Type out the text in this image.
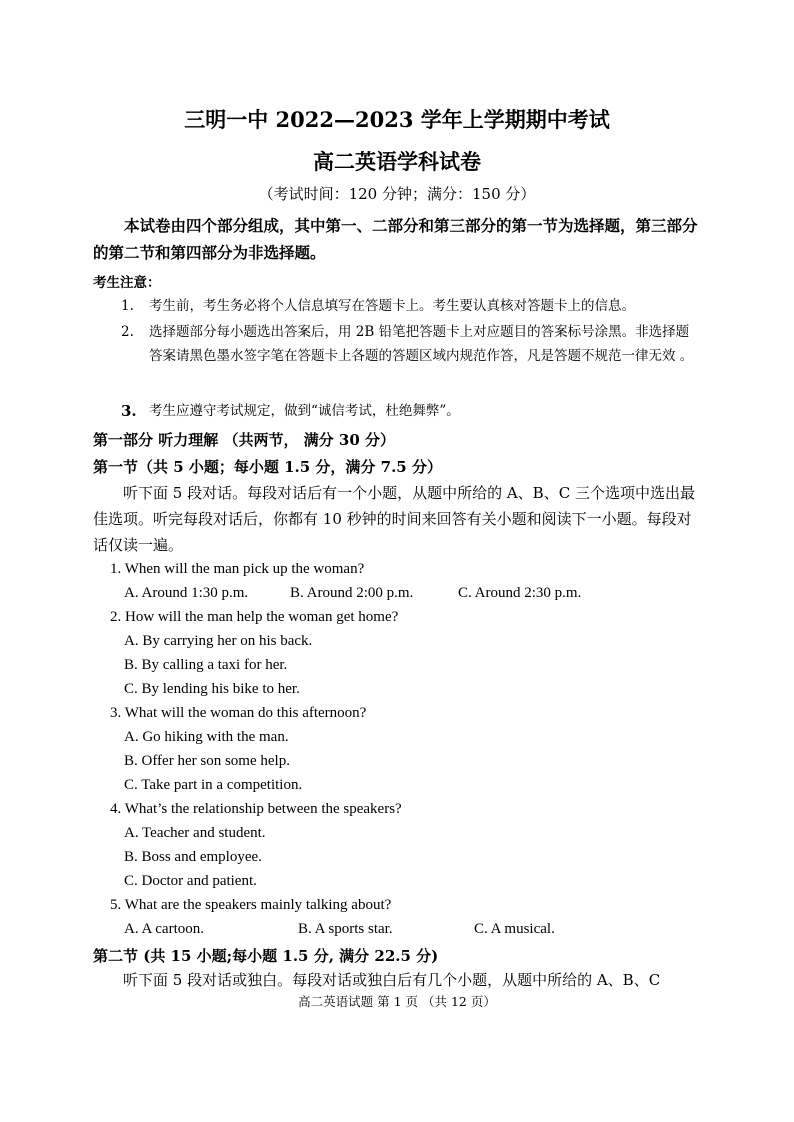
三明一中 2022—2023 学年上学期期中考试
高二英语学科试卷
（考试时间：120 分钟；满分：150 分）
本试卷由四个部分组成，其中第一、二部分和第三部分的第一节为选择题，第三部分的第二节和第四部分为非选择题。
考生注意：
1.	考生前，考生务必将个人信息填写在答题卡上。考生要认真核对答题卡上的信息。
2.	选择题部分每小题选出答案后，用 2B 铅笔把答题卡上对应题目的答案标号涂黑。非选择题答案请黑色墨水签字笔在答题卡上各题的答题区域内规范作答，凡是答题不规范一律无效 。
3. 考生应遵守考试规定，做到“诚信考试，杜绝舞弊”。
第一部分 听力理解 （共两节， 满分 30 分）
第一节（共 5 小题；每小题 1.5 分，满分 7.5 分）
听下面 5 段对话。每段对话后有一个小题，从题中所给的 A、B、C 三个选项中选出最佳选项。听完每段对话后，你都有 10 秒钟的时间来回答有关小题和阅读下一小题。每段对话仅读一遍。
1. When will the man pick up the woman?
A. Around 1:30 p.m.	B. Around 2:00 p.m.	C. Around 2:30 p.m.
2. How will the man help the woman get home?
A. By carrying her on his back.
B. By calling a taxi for her.
C. By lending his bike to her.
3. What will the woman do this afternoon?
A. Go hiking with the man.
B. Offer her son some help.
C. Take part in a competition.
4. What’s the relationship between the speakers?
A. Teacher and student.
B. Boss and employee.
C. Doctor and patient.
5. What are the speakers mainly talking about?
A. A cartoon.	B. A sports star.	C. A musical.
第二节 (共 15 小题;每小题 1.5 分, 满分 22.5 分)
听下面 5 段对话或独白。每段对话或独白后有几个小题，从题中所给的 A、B、C
高二英语试题 第 1 页 （共 12 页）
